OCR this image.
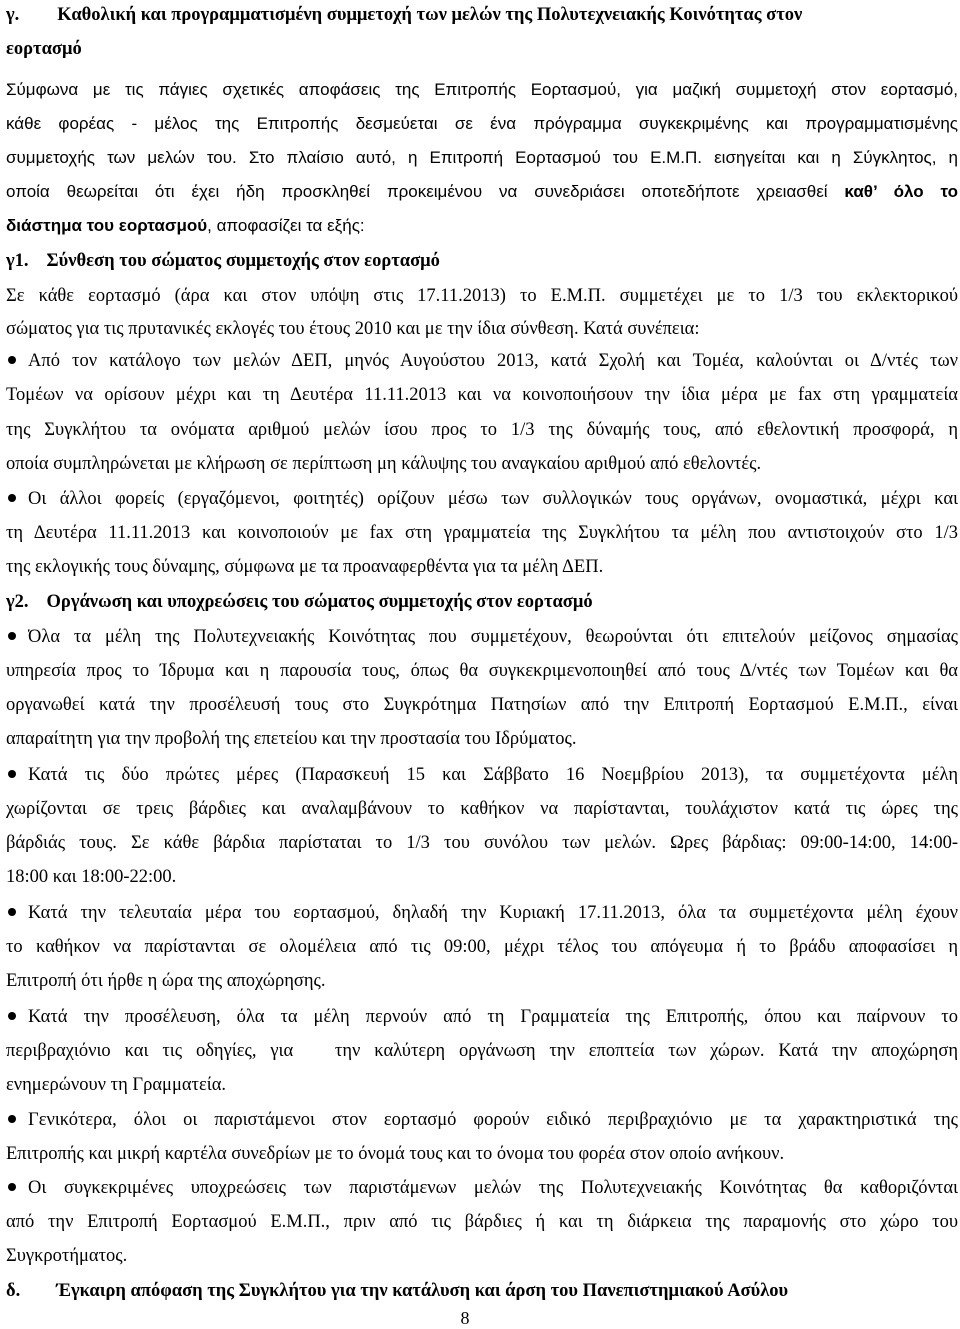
γ. Καθολική και προγραμματισμένη συμμετοχή των μελών της Πολυτεχνειακής Κοινότητας στον
εορτασμό
Σύμφωνα με τις πάγιες σχετικές αποφάσεις της Επιτροπής Εορτασμού, για μαζική συμμετοχή στον εορτασμό,
κάθε φορέας - μέλος της Επιτροπής δεσμεύεται σε ένα πρόγραμμα συγκεκριμένης και προγραμματισμένης
συμμετοχής των μελών του. Στο πλαίσιο αυτό, η Επιτροπή Εορτασμού του Ε.Μ.Π. εισηγείται και η Σύγκλητος, η
οποία θεωρείται ότι έχει ήδη προσκληθεί προκειμένου να συνεδριάσει οποτεδήποτε χρειασθεί καθ’ όλο το
διάστημα του εορτασμού, αποφασίζει τα εξής:
γ1. Σύνθεση του σώματος συμμετοχής στον εορτασμό
Σε κάθε εορτασμό (άρα και στον υπόψη στις 17.11.2013) το Ε.Μ.Π. συμμετέχει με το 1/3 του εκλεκτορικού
σώματος για τις πρυτανικές εκλογές του έτους 2010 και με την ίδια σύνθεση. Κατά συνέπεια:
Από τον κατάλογο των μελών ΔΕΠ, μηνός Αυγούστου 2013, κατά Σχολή και Τομέα, καλούνται οι Δ/ντές των
Τομέων να ορίσουν μέχρι και τη Δευτέρα 11.11.2013 και να κοινοποιήσουν την ίδια μέρα με fax στη γραμματεία
της Συγκλήτου τα ονόματα αριθμού μελών ίσου προς το 1/3 της δύναμής τους, από εθελοντική προσφορά, η
οποία συμπληρώνεται με κλήρωση σε περίπτωση μη κάλυψης του αναγκαίου αριθμού από εθελοντές.
Οι άλλοι φορείς (εργαζόμενοι, φοιτητές) ορίζουν μέσω των συλλογικών τους οργάνων, ονομαστικά, μέχρι και
τη Δευτέρα 11.11.2013 και κοινοποιούν με fax στη γραμματεία της Συγκλήτου τα μέλη που αντιστοιχούν στο 1/3
της εκλογικής τους δύναμης, σύμφωνα με τα προαναφερθέντα για τα μέλη ΔΕΠ.
γ2. Οργάνωση και υποχρεώσεις του σώματος συμμετοχής στον εορτασμό
Όλα τα μέλη της Πολυτεχνειακής Κοινότητας που συμμετέχουν, θεωρούνται ότι επιτελούν μείζονος σημασίας
υπηρεσία προς το Ίδρυμα και η παρουσία τους, όπως θα συγκεκριμενοποιηθεί από τους Δ/ντές των Τομέων και θα
οργανωθεί κατά την προσέλευσή τους στο Συγκρότημα Πατησίων από την Επιτροπή Εορτασμού Ε.Μ.Π., είναι
απαραίτητη για την προβολή της επετείου και την προστασία του Ιδρύματος.
Κατά τις δύο πρώτες μέρες (Παρασκευή 15 και Σάββατο 16 Νοεμβρίου 2013), τα συμμετέχοντα μέλη
χωρίζονται σε τρεις βάρδιες και αναλαμβάνουν το καθήκον να παρίστανται, τουλάχιστον κατά τις ώρες της
βάρδιάς τους. Σε κάθε βάρδια παρίσταται το 1/3 του συνόλου των μελών. Ωρες βάρδιας: 09:00-14:00, 14:00-
18:00 και 18:00-22:00.
Κατά την τελευταία μέρα του εορτασμού, δηλαδή την Κυριακή 17.11.2013, όλα τα συμμετέχοντα μέλη έχουν
το καθήκον να παρίστανται σε ολομέλεια από τις 09:00, μέχρι τέλος του απόγευμα ή το βράδυ αποφασίσει η
Επιτροπή ότι ήρθε η ώρα της αποχώρησης.
Κατά την προσέλευση, όλα τα μέλη περνούν από τη Γραμματεία της Επιτροπής, όπου και παίρνουν το
περιβραχιόνιο και τις οδηγίες, για   την καλύτερη οργάνωση την εποπτεία των χώρων. Κατά την αποχώρηση
ενημερώνουν τη Γραμματεία.
Γενικότερα, όλοι οι παριστάμενοι στον εορτασμό φορούν ειδικό περιβραχιόνιο με τα χαρακτηριστικά της
Επιτροπής και μικρή καρτέλα συνεδρίων με το όνομά τους και το όνομα του φορέα στον οποίο ανήκουν.
Οι συγκεκριμένες υποχρεώσεις των παριστάμενων μελών της Πολυτεχνειακής Κοινότητας θα καθοριζόνται
από την Επιτροπή Εορτασμού Ε.Μ.Π., πριν από τις βάρδιες ή και τη διάρκεια της παραμονής στο χώρο του
Συγκροτήματος.
δ. Έγκαιρη απόφαση της Συγκλήτου για την κατάλυση και άρση του Πανεπιστημιακού Ασύλου
8
